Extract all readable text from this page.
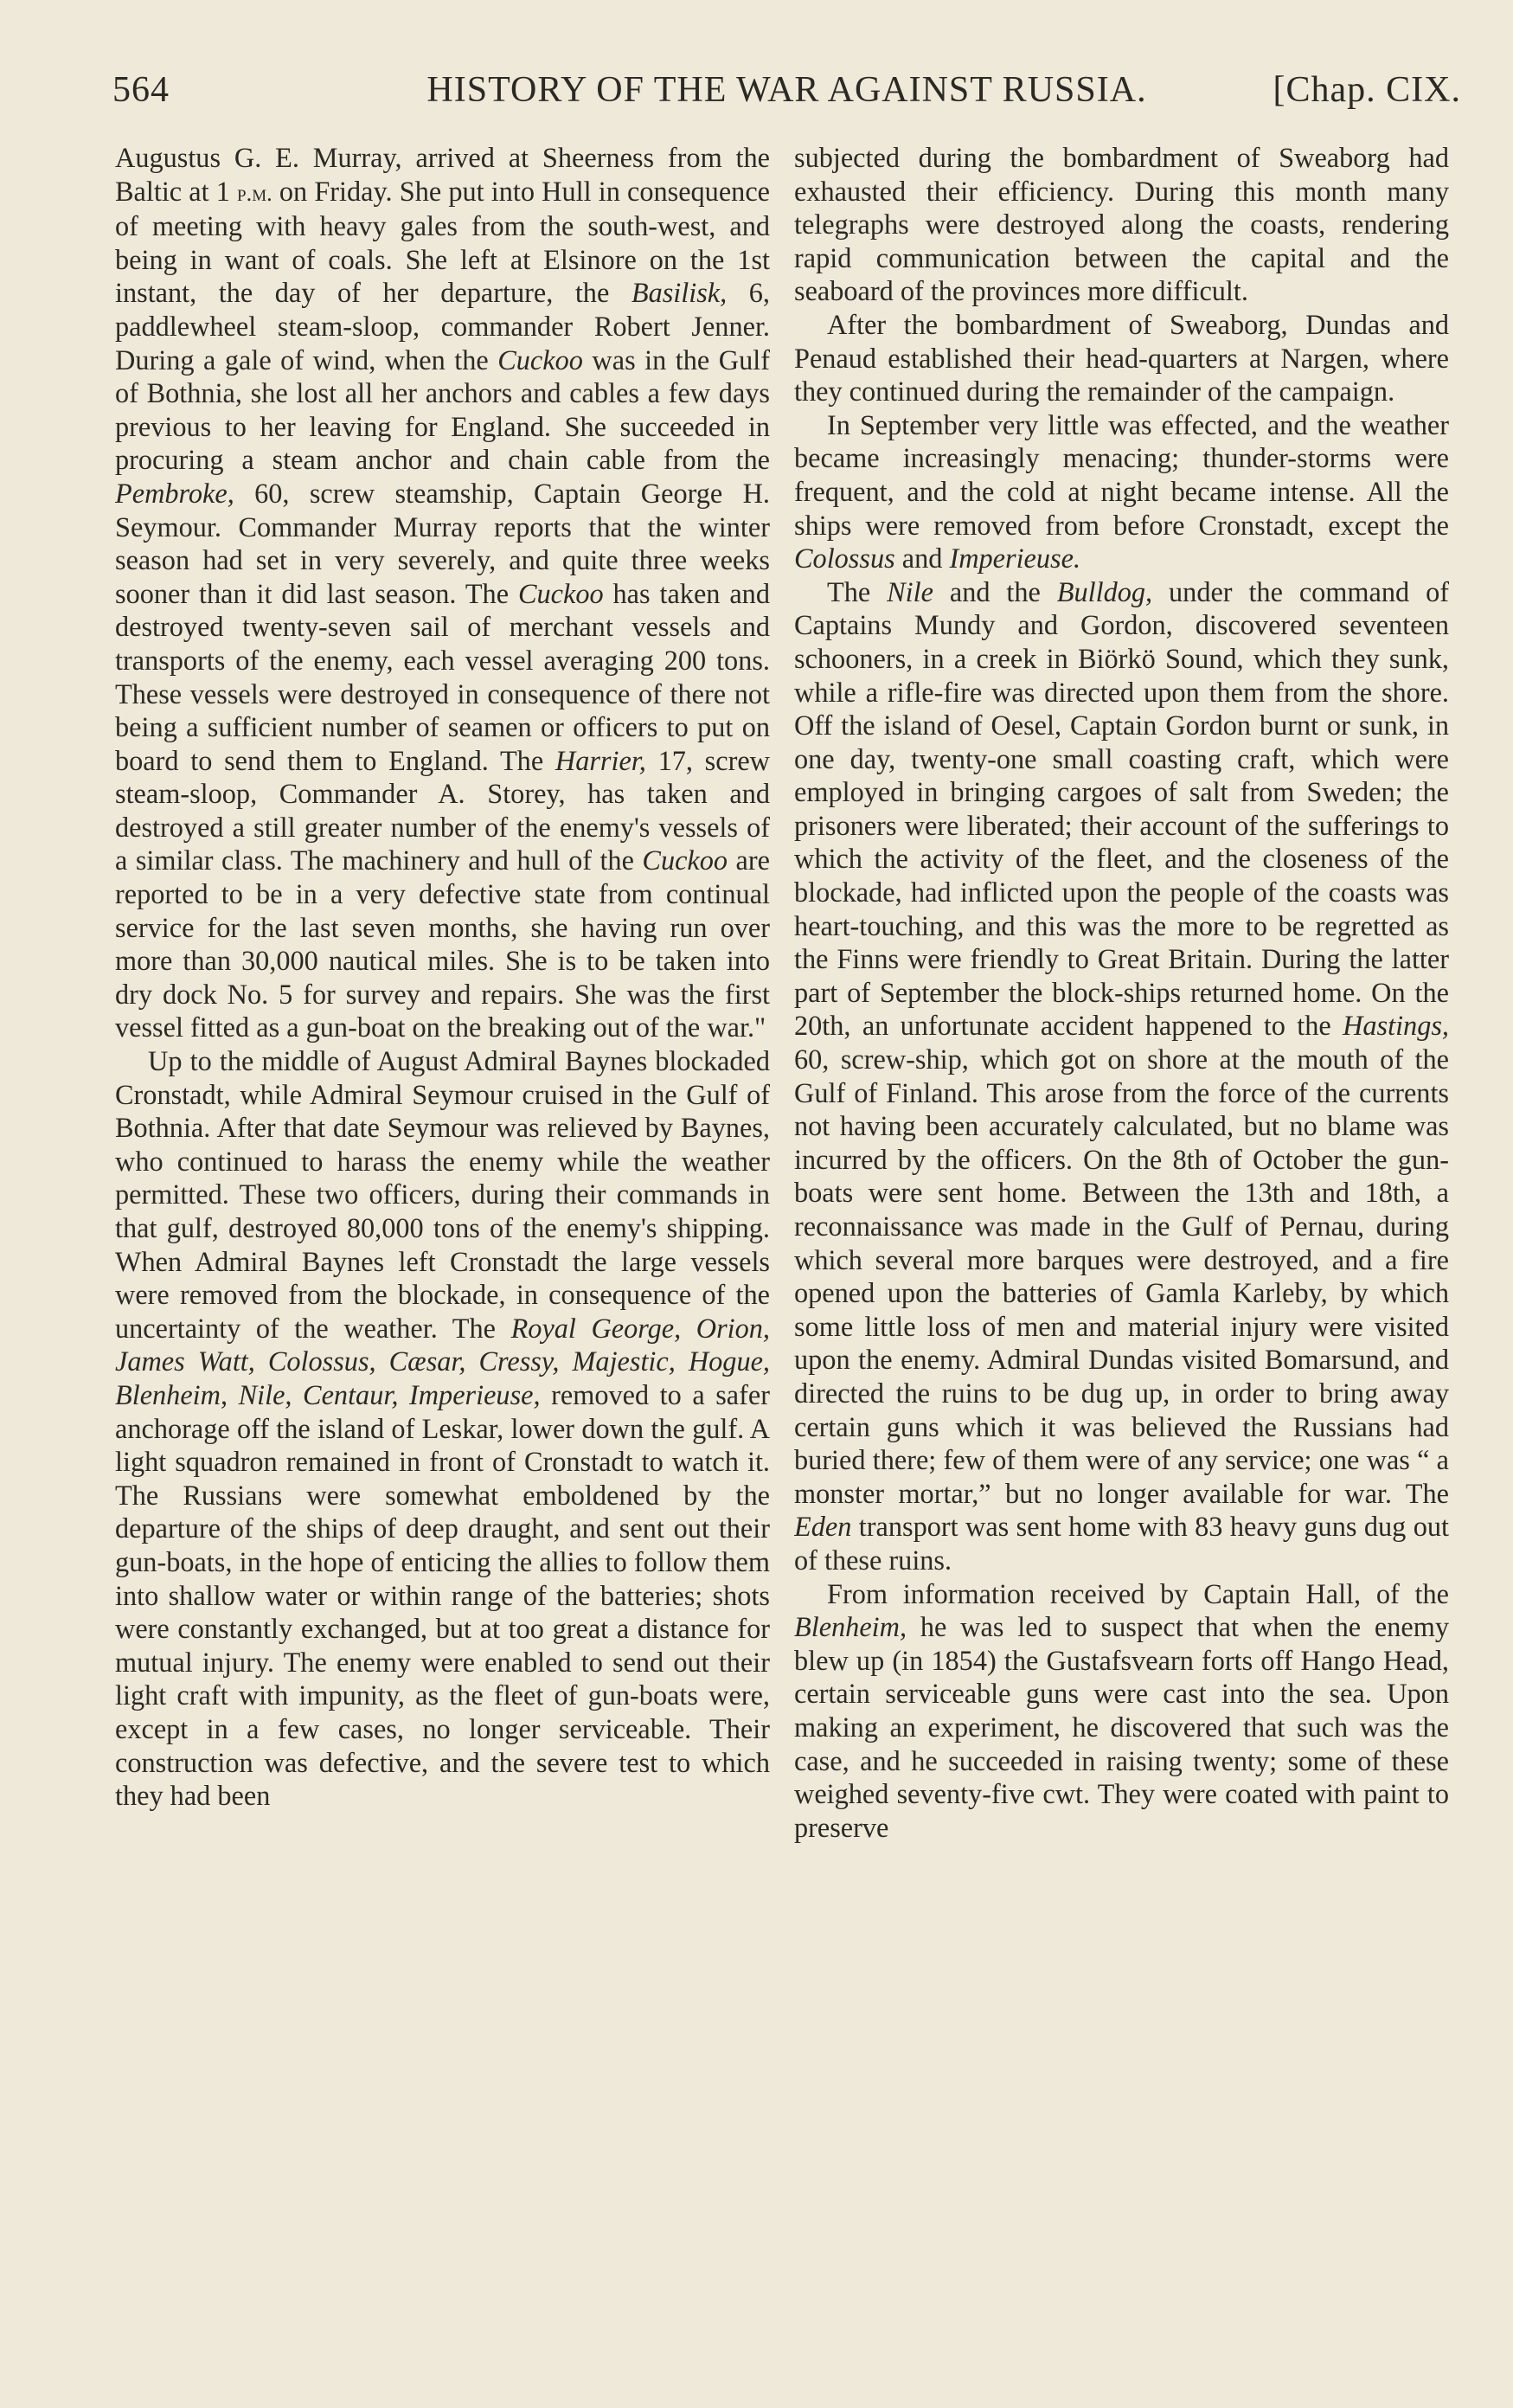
564	HISTORY OF THE WAR AGAINST RUSSIA.	[Chap. CIX.

Augustus G. E. Murray, arrived at Sheerness from the Baltic at 1 p.m. on Friday. She put into Hull in consequence of meeting with heavy gales from the south-west, and being in want of coals. She left at Elsinore on the 1st instant, the day of her departure, the Basilisk, 6, paddlewheel steam-sloop, commander Robert Jenner. During a gale of wind, when the Cuckoo was in the Gulf of Bothnia, she lost all her anchors and cables a few days previous to her leaving for England. She succeeded in procuring a steam anchor and chain cable from the Pembroke, 60, screw steamship, Captain George H. Seymour. Commander Murray reports that the winter season had set in very severely, and quite three weeks sooner than it did last season. The Cuckoo has taken and destroyed twenty-seven sail of merchant vessels and transports of the enemy, each vessel averaging 200 tons. These vessels were destroyed in consequence of there not being a sufficient number of seamen or officers to put on board to send them to England. The Harrier, 17, screw steam-sloop, Commander A. Storey, has taken and destroyed a still greater number of the enemy's vessels of a similar class. The machinery and hull of the Cuckoo are reported to be in a very defective state from continual service for the last seven months, she having run over more than 30,000 nautical miles. She is to be taken into dry dock No. 5 for survey and repairs. She was the first vessel fitted as a gun-boat on the breaking out of the war."

Up to the middle of August Admiral Baynes blockaded Cronstadt, while Admiral Seymour cruised in the Gulf of Bothnia. After that date Seymour was relieved by Baynes, who continued to harass the enemy while the weather permitted. These two officers, during their commands in that gulf, destroyed 80,000 tons of the enemy's shipping. When Admiral Baynes left Cronstadt the large vessels were removed from the blockade, in consequence of the uncertainty of the weather. The Royal George, Orion, James Watt, Colossus, Cæsar, Cressy, Majestic, Hogue, Blenheim, Nile, Centaur, Imperieuse, removed to a safer anchorage off the island of Leskar, lower down the gulf. A light squadron remained in front of Cronstadt to watch it. The Russians were somewhat emboldened by the departure of the ships of deep draught, and sent out their gun-boats, in the hope of enticing the allies to follow them into shallow water or within range of the batteries; shots were constantly exchanged, but at too great a distance for mutual injury. The enemy were enabled to send out their light craft with impunity, as the fleet of gun-boats were, except in a few cases, no longer serviceable. Their construction was defective, and the severe test to which they had been

subjected during the bombardment of Sweaborg had exhausted their efficiency. During this month many telegraphs were destroyed along the coasts, rendering rapid communication between the capital and the seaboard of the provinces more difficult.

After the bombardment of Sweaborg, Dundas and Penaud established their head-quarters at Nargen, where they continued during the remainder of the campaign.

In September very little was effected, and the weather became increasingly menacing; thunder-storms were frequent, and the cold at night became intense. All the ships were removed from before Cronstadt, except the Colossus and Imperieuse.

The Nile and the Bulldog, under the command of Captains Mundy and Gordon, discovered seventeen schooners, in a creek in Biörkö Sound, which they sunk, while a rifle-fire was directed upon them from the shore. Off the island of Oesel, Captain Gordon burnt or sunk, in one day, twenty-one small coasting craft, which were employed in bringing cargoes of salt from Sweden; the prisoners were liberated; their account of the sufferings to which the activity of the fleet, and the closeness of the blockade, had inflicted upon the people of the coasts was heart-touching, and this was the more to be regretted as the Finns were friendly to Great Britain. During the latter part of September the block-ships returned home. On the 20th, an unfortunate accident happened to the Hastings, 60, screw-ship, which got on shore at the mouth of the Gulf of Finland. This arose from the force of the currents not having been accurately calculated, but no blame was incurred by the officers. On the 8th of October the gun-boats were sent home. Between the 13th and 18th, a reconnaissance was made in the Gulf of Pernau, during which several more barques were destroyed, and a fire opened upon the batteries of Gamla Karleby, by which some little loss of men and material injury were visited upon the enemy. Admiral Dundas visited Bomarsund, and directed the ruins to be dug up, in order to bring away certain guns which it was believed the Russians had buried there; few of them were of any service; one was “ a monster mortar,” but no longer available for war. The Eden transport was sent home with 83 heavy guns dug out of these ruins.

From information received by Captain Hall, of the Blenheim, he was led to suspect that when the enemy blew up (in 1854) the Gustafsvearn forts off Hango Head, certain serviceable guns were cast into the sea. Upon making an experiment, he discovered that such was the case, and he succeeded in raising twenty; some of these weighed seventy-five cwt. They were coated with paint to preserve
